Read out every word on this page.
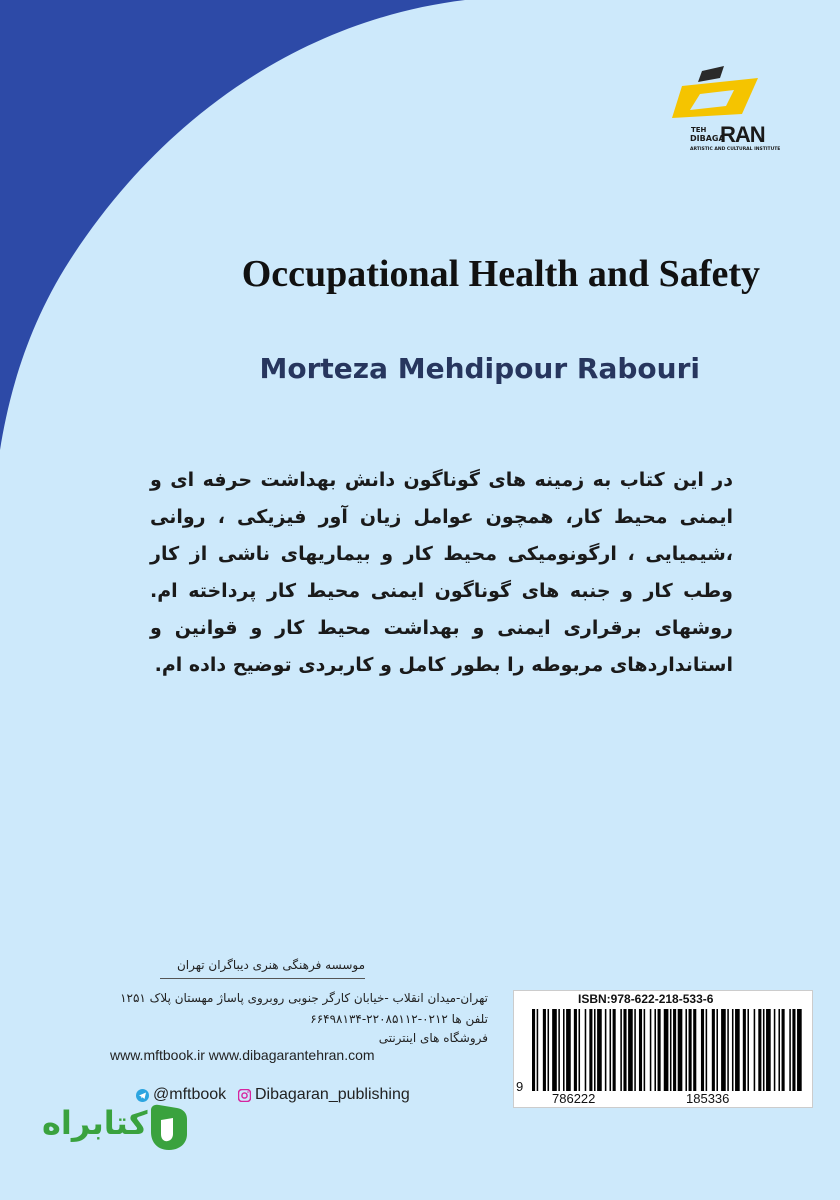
TEH
DIBAGA
RAN
ARTISTIC AND CULTURAL INSTITUTE
Occupational Health and Safety
Morteza Mehdipour Rabouri
در این کتاب به زمینه های گوناگون دانش بهداشت حرفه ای و ایمنی محیط کار، همچون عوامل زیان آور فیزیکی ، روانی ،شیمیایی ، ارگونومیکی محیط کار و بیماریهای ناشی از کار وطب کار و جنبه های گوناگون ایمنی محیط کار پرداخته ام. روشهای برقراری ایمنی و بهداشت محیط کار و قوانین و استانداردهای مربوطه را بطور کامل و کاربردی توضیح داده ام.
موسسه فرهنگی هنری دیباگران تهران
تهران-میدان انقلاب -خیابان کارگر جنوبی روبروی پاساژ مهستان پلاک ۱۲۵۱
تلفن ها ۰۲۱۲-۲۲۰۸۵۱۱۲-۶۶۴۹۸۱۳۴
فروشگاه های اینترنتی
www.mftbook.ir www.dibagarantehran.com
@mftbook Dibagaran_publishing
ISBN:978-622-218-533-6
9
786222	185336
کتابراه
